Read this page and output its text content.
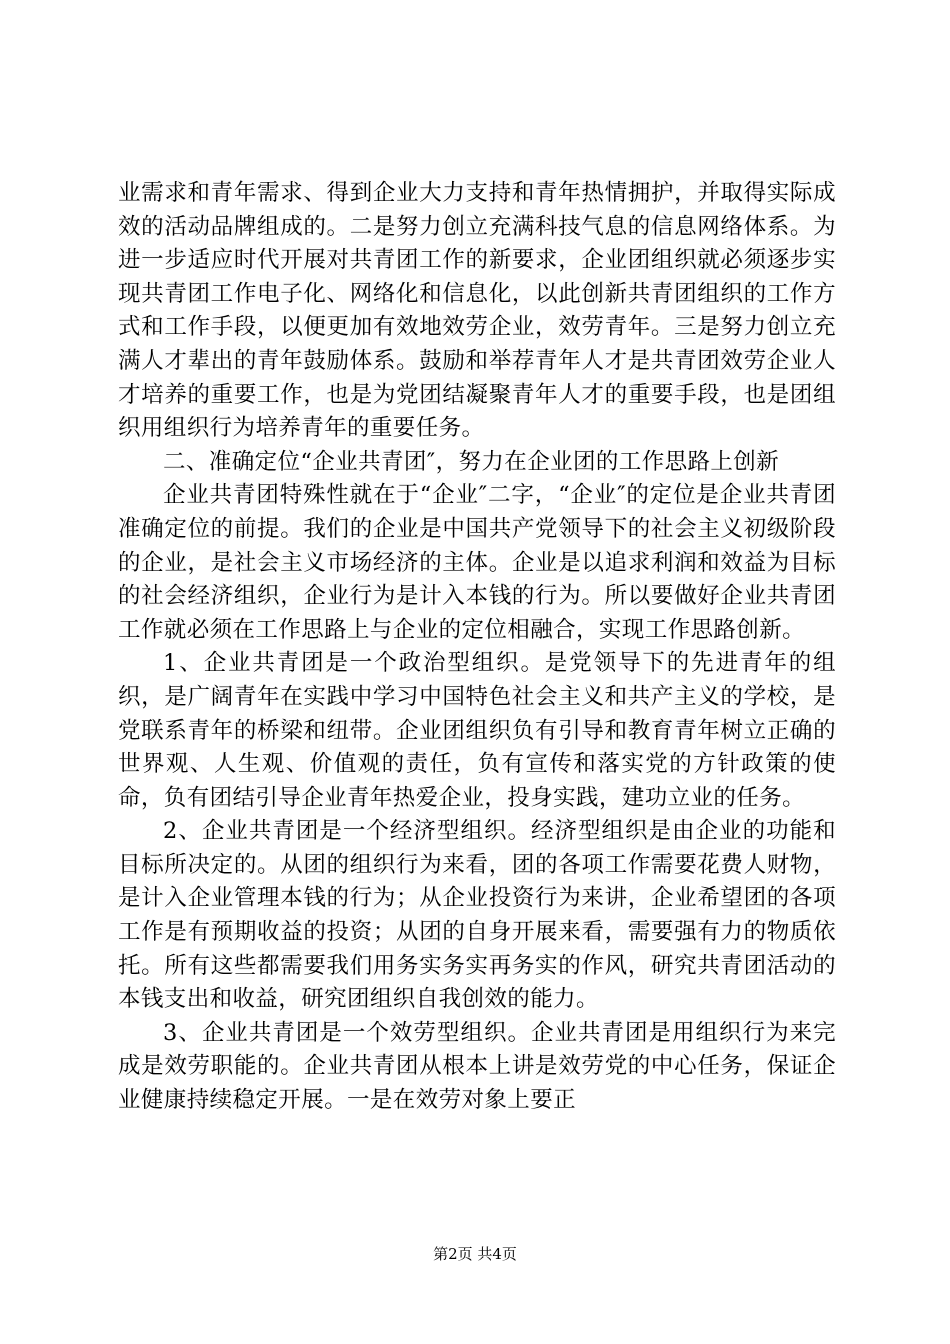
业需求和青年需求、得到企业大力支持和青年热情拥护，并取得实际成效的活动品牌组成的。二是努力创立充满科技气息的信息网络体系。为进一步适应时代开展对共青团工作的新要求，企业团组织就必须逐步实现共青团工作电子化、网络化和信息化，以此创新共青团组织的工作方式和工作手段，以便更加有效地效劳企业，效劳青年。三是努力创立充满人才辈出的青年鼓励体系。鼓励和举荐青年人才是共青团效劳企业人才培养的重要工作，也是为党团结凝聚青年人才的重要手段，也是团组织用组织行为培养青年的重要任务。

二、准确定位“企业共青团″，努力在企业团的工作思路上创新

企业共青团特殊性就在于“企业″二字，“企业″的定位是企业共青团准确定位的前提。我们的企业是中国共产党领导下的社会主义初级阶段的企业，是社会主义市场经济的主体。企业是以追求利润和效益为目标的社会经济组织，企业行为是计入本钱的行为。所以要做好企业共青团工作就必须在工作思路上与企业的定位相融合，实现工作思路创新。

1、企业共青团是一个政治型组织。是党领导下的先进青年的组织，是广阔青年在实践中学习中国特色社会主义和共产主义的学校，是党联系青年的桥梁和纽带。企业团组织负有引导和教育青年树立正确的世界观、人生观、价值观的责任，负有宣传和落实党的方针政策的使命，负有团结引导企业青年热爱企业，投身实践，建功立业的任务。

2、企业共青团是一个经济型组织。经济型组织是由企业的功能和目标所决定的。从团的组织行为来看，团的各项工作需要花费人财物，是计入企业管理本钱的行为；从企业投资行为来讲，企业希望团的各项工作是有预期收益的投资；从团的自身开展来看，需要强有力的物质依托。所有这些都需要我们用务实务实再务实的作风，研究共青团活动的本钱支出和收益，研究团组织自我创效的能力。

3、企业共青团是一个效劳型组织。企业共青团是用组织行为来完成是效劳职能的。企业共青团从根本上讲是效劳党的中心任务，保证企业健康持续稳定开展。一是在效劳对象上要正

第2页 共4页
